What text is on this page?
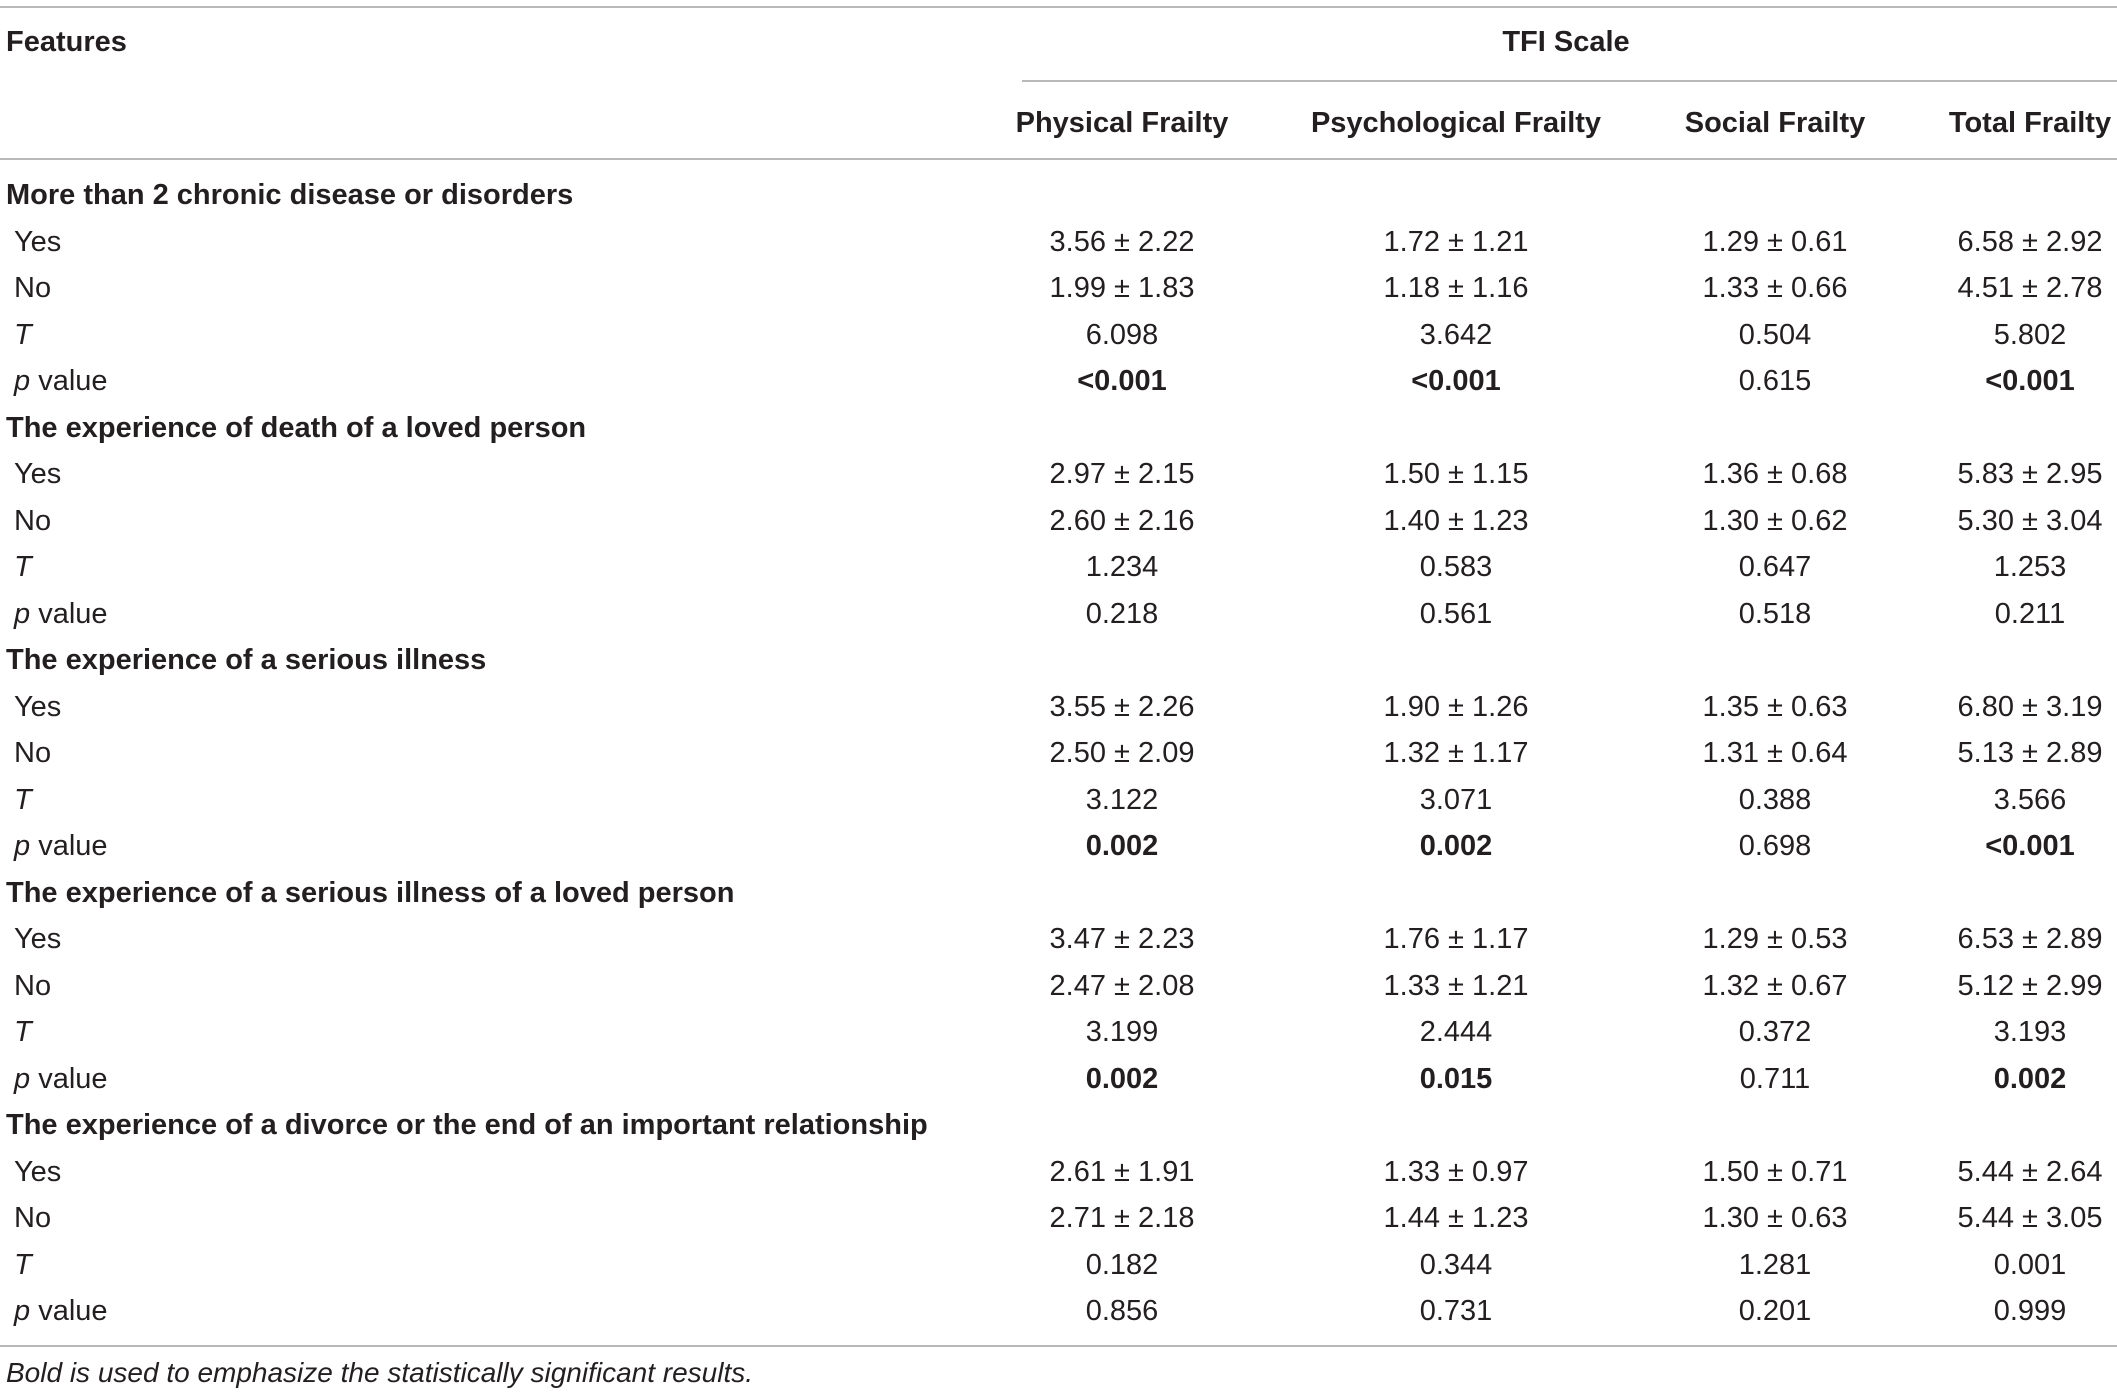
Features	TFI Scale
Physical Frailty	Psychological Frailty	Social Frailty	Total Frailty
More than 2 chronic disease or disorders
Yes	3.56 ± 2.22	1.72 ± 1.21	1.29 ± 0.61	6.58 ± 2.92
No	1.99 ± 1.83	1.18 ± 1.16	1.33 ± 0.66	4.51 ± 2.78
T	6.098	3.642	0.504	5.802
p value	<0.001	<0.001	0.615	<0.001
The experience of death of a loved person
Yes	2.97 ± 2.15	1.50 ± 1.15	1.36 ± 0.68	5.83 ± 2.95
No	2.60 ± 2.16	1.40 ± 1.23	1.30 ± 0.62	5.30 ± 3.04
T	1.234	0.583	0.647	1.253
p value	0.218	0.561	0.518	0.211
The experience of a serious illness
Yes	3.55 ± 2.26	1.90 ± 1.26	1.35 ± 0.63	6.80 ± 3.19
No	2.50 ± 2.09	1.32 ± 1.17	1.31 ± 0.64	5.13 ± 2.89
T	3.122	3.071	0.388	3.566
p value	0.002	0.002	0.698	<0.001
The experience of a serious illness of a loved person
Yes	3.47 ± 2.23	1.76 ± 1.17	1.29 ± 0.53	6.53 ± 2.89
No	2.47 ± 2.08	1.33 ± 1.21	1.32 ± 0.67	5.12 ± 2.99
T	3.199	2.444	0.372	3.193
p value	0.002	0.015	0.711	0.002
The experience of a divorce or the end of an important relationship
Yes	2.61 ± 1.91	1.33 ± 0.97	1.50 ± 0.71	5.44 ± 2.64
No	2.71 ± 2.18	1.44 ± 1.23	1.30 ± 0.63	5.44 ± 3.05
T	0.182	0.344	1.281	0.001
p value	0.856	0.731	0.201	0.999
Bold is used to emphasize the statistically significant results.
